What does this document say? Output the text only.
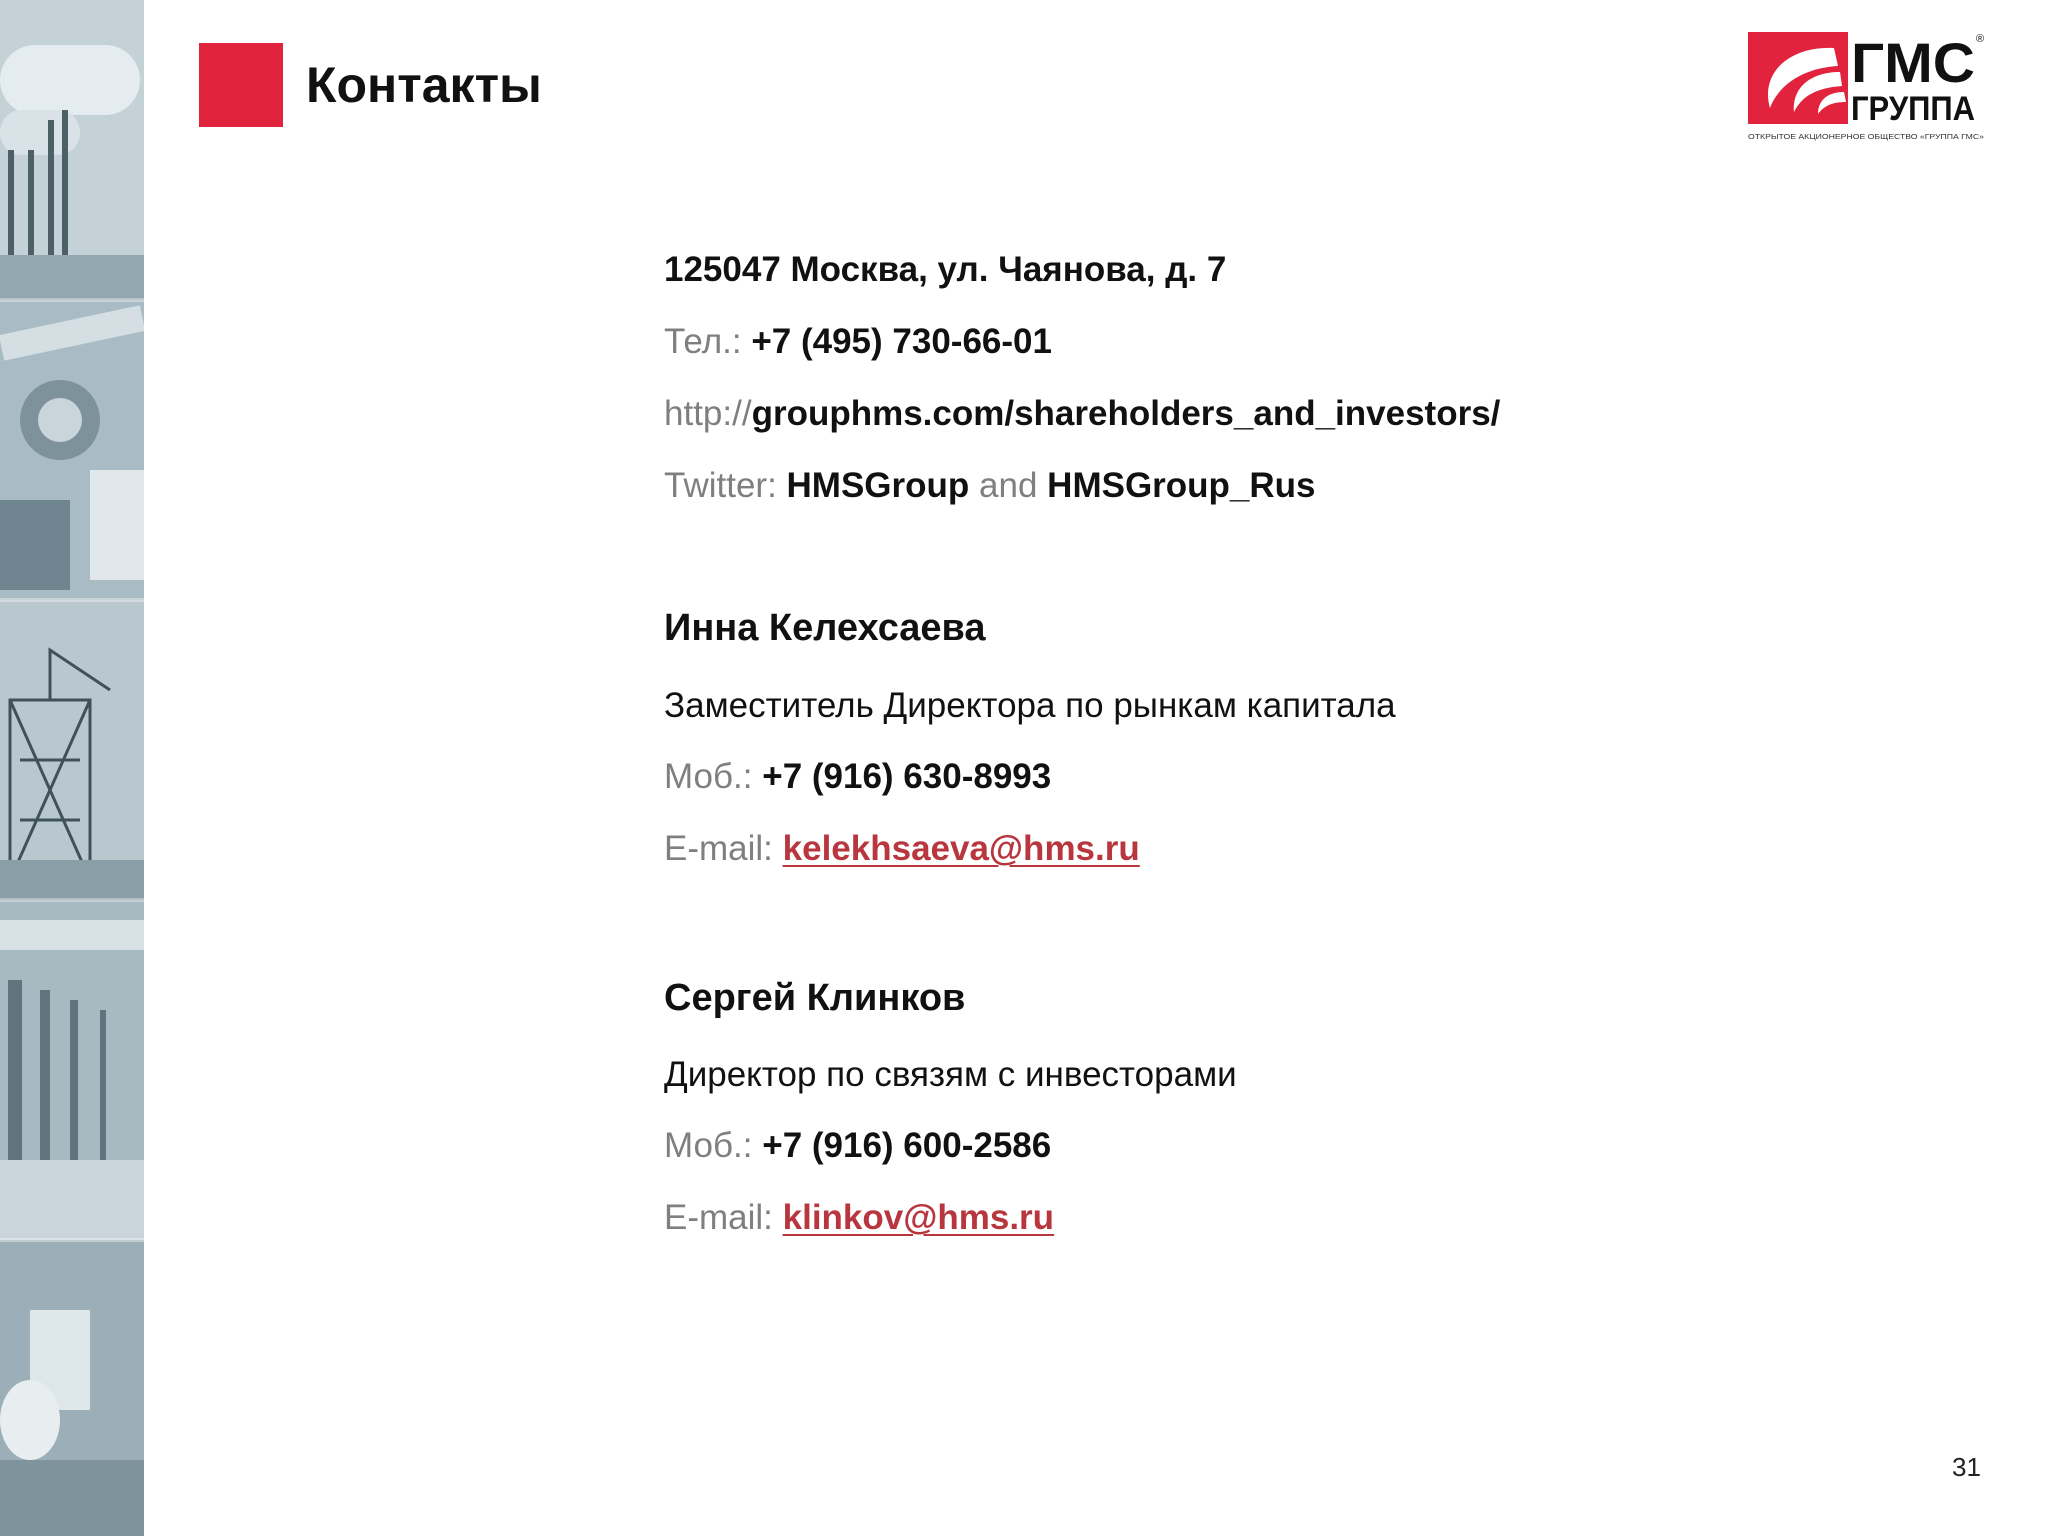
Контакты	ГМС
ГРУППА
®
ОТКРЫТОЕ АКЦИОНЕРНОЕ ОБЩЕСТВО «ГРУППА ГМС»
125047 Москва, ул. Чаянова, д. 7
Тел.: +7 (495) 730-66-01
http://grouphms.com/shareholders_and_investors/
Twitter: HMSGroup and HMSGroup_Rus
Инна Келехсаева
Заместитель Директора по рынкам капитала
Моб.: +7 (916) 630-8993
E-mail: kelekhsaeva@hms.ru
Сергей Клинков
Директор по связям с инвесторами
Моб.: +7 (916) 600-2586
E-mail: klinkov@hms.ru
31
